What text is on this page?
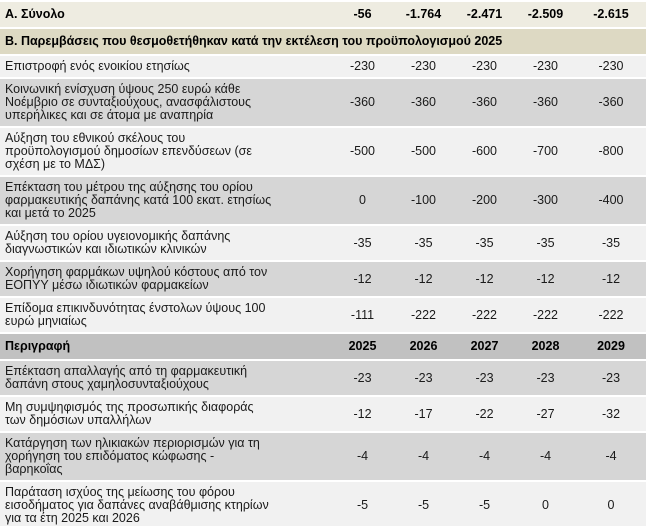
Α. Σύνολο	-56	-1.764	-2.471	-2.509	-2.615
Β. Παρεμβάσεις που θεσμοθετήθηκαν κατά την εκτέλεση του προϋπολογισμού 2025					
Επιστροφή ενός ενοικίου ετησίως	-230	-230	-230	-230	-230
Κοινωνική ενίσχυση ύψους 250 ευρώ κάθε Νοέμβριο σε συνταξιούχους, ανασφάλιστους υπερήλικες και σε άτομα με αναπηρία	-360	-360	-360	-360	-360
Αύξηση του εθνικού σκέλους του προϋπολογισμού δημοσίων επενδύσεων (σε σχέση με το ΜΔΣ)	-500	-500	-600	-700	-800
Επέκταση του μέτρου της αύξησης του ορίου φαρμακευτικής δαπάνης κατά 100 εκατ. ετησίως και μετά το 2025	0	-100	-200	-300	-400
Αύξηση του ορίου υγειονομικής δαπάνης διαγνωστικών και ιδιωτικών κλινικών	-35	-35	-35	-35	-35
Χορήγηση φαρμάκων υψηλού κόστους από τον ΕΟΠΥΥ μέσω ιδιωτικών φαρμακείων	-12	-12	-12	-12	-12
Επίδομα επικινδυνότητας ένστολων ύψους 100 ευρώ μηνιαίως	-111	-222	-222	-222	-222
Περιγραφή	2025	2026	2027	2028	2029
Επέκταση απαλλαγής από τη φαρμακευτική δαπάνη στους χαμηλοσυνταξιούχους	-23	-23	-23	-23	-23
Μη συμψηφισμός της προσωπικής διαφοράς των δημόσιων υπαλλήλων	-12	-17	-22	-27	-32
Κατάργηση των ηλικιακών περιορισμών για τη χορήγηση του επιδόματος κώφωσης - βαρηκοΐας	-4	-4	-4	-4	-4
Παράταση ισχύος της μείωσης του φόρου εισοδήματος για δαπάνες αναβάθμισης κτηρίων για τα έτη 2025 και 2026	-5	-5	-5	0	0
